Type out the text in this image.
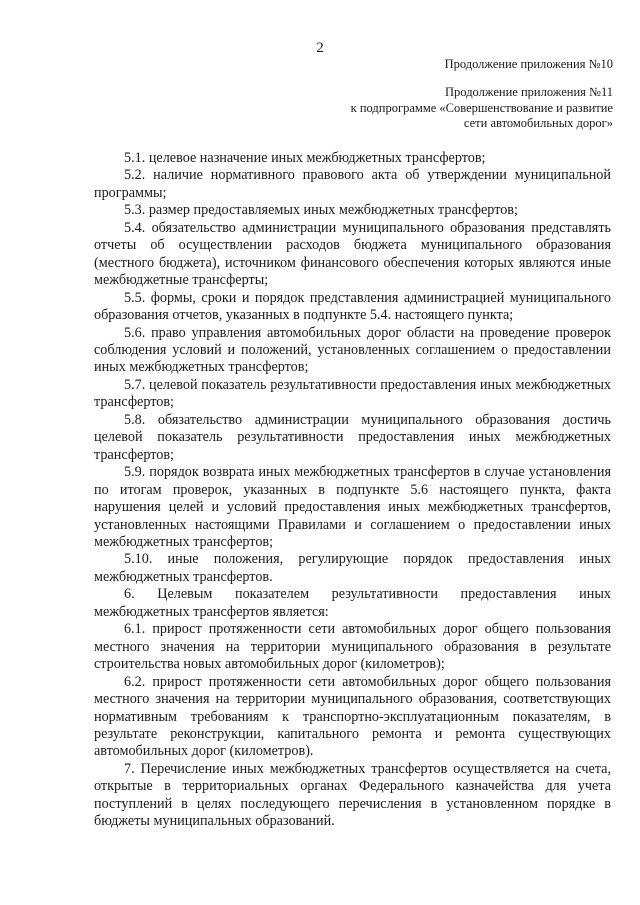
2
Продолжение приложения №10
Продолжение приложения №11
к подпрограмме «Совершенствование и развитие
сети автомобильных дорог»

5.1. целевое назначение иных межбюджетных трансфертов;

5.2. наличие нормативного правового акта об утверждении муниципальной программы;

5.3. размер предоставляемых иных межбюджетных трансфертов;

5.4. обязательство администрации муниципального образования представлять отчеты об осуществлении расходов бюджета муниципального образования (местного бюджета), источником финансового обеспечения которых являются иные межбюджетные трансферты;

5.5. формы, сроки и порядок представления администрацией муниципального образования отчетов, указанных в подпункте 5.4. настоящего пункта;

5.6. право управления автомобильных дорог области на проведение проверок соблюдения условий и положений, установленных соглашением о предоставлении иных межбюджетных трансфертов;

5.7. целевой показатель результативности предоставления иных межбюджетных трансфертов;

5.8. обязательство администрации муниципального образования достичь целевой показатель результативности предоставления иных межбюджетных трансфертов;

5.9. порядок возврата иных межбюджетных трансфертов в случае установления по итогам проверок, указанных в подпункте 5.6 настоящего пункта, факта нарушения целей и условий предоставления иных межбюджетных трансфертов, установленных настоящими Правилами и соглашением о предоставлении иных межбюджетных трансфертов;

5.10. иные положения, регулирующие порядок предоставления иных межбюджетных трансфертов.

6. Целевым показателем результативности предоставления иных межбюджетных трансфертов является:

6.1. прирост протяженности сети автомобильных дорог общего пользования местного значения на территории муниципального образования в результате строительства новых автомобильных дорог (километров);

6.2. прирост протяженности сети автомобильных дорог общего пользования местного значения на территории муниципального образования, соответствующих нормативным требованиям к транспортно-эксплуатационным показателям, в результате реконструкции, капитального ремонта и ремонта существующих автомобильных дорог (километров).

7. Перечисление иных межбюджетных трансфертов осуществляется на счета, открытые в территориальных органах Федерального казначейства для учета поступлений в целях последующего перечисления в установленном порядке в бюджеты муниципальных образований.
